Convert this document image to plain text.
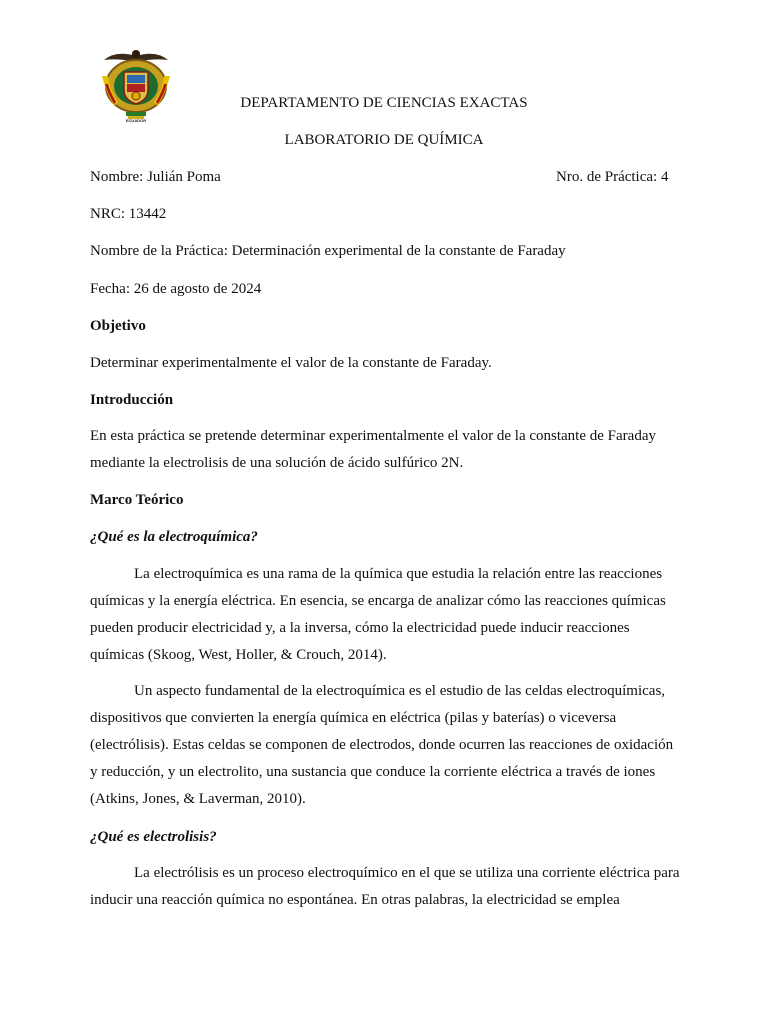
ECUADOR
DEPARTAMENTO DE CIENCIAS EXACTAS
LABORATORIO DE QUÍMICA
Nombre: Julián Poma	Nro. de Práctica: 4
NRC: 13442
Nombre de la Práctica: Determinación experimental de la constante de Faraday
Fecha: 26 de agosto de 2024
Objetivo
Determinar experimentalmente el valor de la constante de Faraday.
Introducción
En esta práctica se pretende determinar experimentalmente el valor de la constante de Faraday mediante la electrolisis de una solución de ácido sulfúrico 2N.
Marco Teórico
¿Qué es la electroquímica?
La electroquímica es una rama de la química que estudia la relación entre las reacciones químicas y la energía eléctrica. En esencia, se encarga de analizar cómo las reacciones químicas pueden producir electricidad y, a la inversa, cómo la electricidad puede inducir reacciones químicas (Skoog, West, Holler, & Crouch, 2014).
Un aspecto fundamental de la electroquímica es el estudio de las celdas electroquímicas, dispositivos que convierten la energía química en eléctrica (pilas y baterías) o viceversa (electrólisis). Estas celdas se componen de electrodos, donde ocurren las reacciones de oxidación y reducción, y un electrolito, una sustancia que conduce la corriente eléctrica a través de iones (Atkins, Jones, & Laverman, 2010).
¿Qué es electrolisis?
La electrólisis es un proceso electroquímico en el que se utiliza una corriente eléctrica para inducir una reacción química no espontánea. En otras palabras, la electricidad se emplea
